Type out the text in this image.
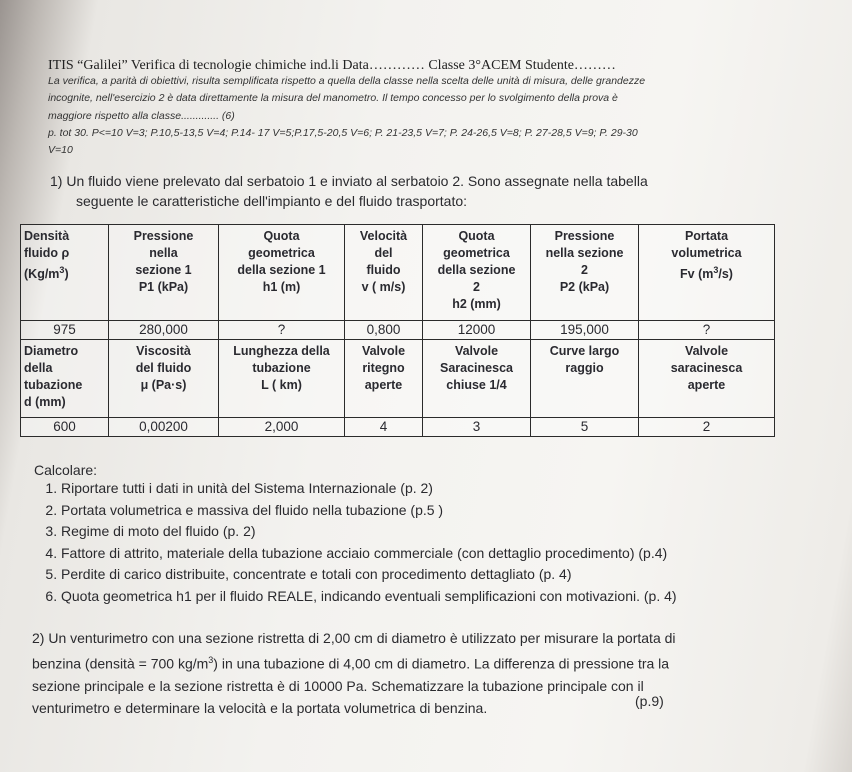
ITIS “Galilei” Verifica di tecnologie chimiche ind.li Data………… Classe 3°ACEM Studente………
La verifica, a parità di obiettivi, risulta semplificata rispetto a quella della classe nella scelta delle unità di misura, delle grandezze
incognite, nell'esercizio 2 è data direttamente la misura del manometro. Il tempo concesso per lo svolgimento della prova è
maggiore rispetto alla classe............. (6)
p. tot 30. P<=10 V=3; P.10,5-13,5 V=4; P.14- 17 V=5;P.17,5-20,5 V=6; P. 21-23,5 V=7; P. 24-26,5 V=8; P. 27-28,5 V=9; P. 29-30
V=10
1) Un fluido viene prelevato dal serbatoio 1 e inviato al serbatoio 2. Sono assegnate nella tabella
seguente le caratteristiche dell'impianto e del fluido trasportato:
Densità
fluido ρ
$(Kg/m^3)$	Pressione
nella
sezione 1
P1 (kPa)	Quota
geometrica
della sezione 1
h1 (m)	Velocità
del
fluido
v ( m/s)	Quota
geometrica
della sezione
2
h2 (mm)	Pressione
nella sezione
2
P2 (kPa)	Portata
volumetrica
Fv $(m^3/s)$
975	280,000	?	0,800	12000	195,000	?
Diametro
della
tubazione
d (mm)	Viscosità
del fluido
μ (Pa·s)	Lunghezza della
tubazione
L ( km)	Valvole
ritegno
aperte	Valvole
Saracinesca
chiuse 1/4	Curve largo
raggio	Valvole
saracinesca
aperte
600	0,00200	2,000	4	3	5	2
Calcolare:
1. Riportare tutti i dati in unità del Sistema Internazionale (p. 2)
2. Portata volumetrica e massiva del fluido nella tubazione (p.5 )
3. Regime di moto del fluido (p. 2)
4. Fattore di attrito, materiale della tubazione acciaio commerciale (con dettaglio procedimento) (p.4)
5. Perdite di carico distribuite, concentrate e totali con procedimento dettagliato (p. 4)
6. Quota geometrica h1 per il fluido REALE, indicando eventuali semplificazioni con motivazioni. (p. 4)
2) Un venturimetro con una sezione ristretta di 2,00 cm di diametro è utilizzato per misurare la portata di
benzina (densità = 700 $kg/m^3$) in una tubazione di 4,00 cm di diametro. La differenza di pressione tra la
sezione principale e la sezione ristretta è di 10000 Pa. Schematizzare la tubazione principale con il
venturimetro e determinare la velocità e la portata volumetrica di benzina.	(p.9)
